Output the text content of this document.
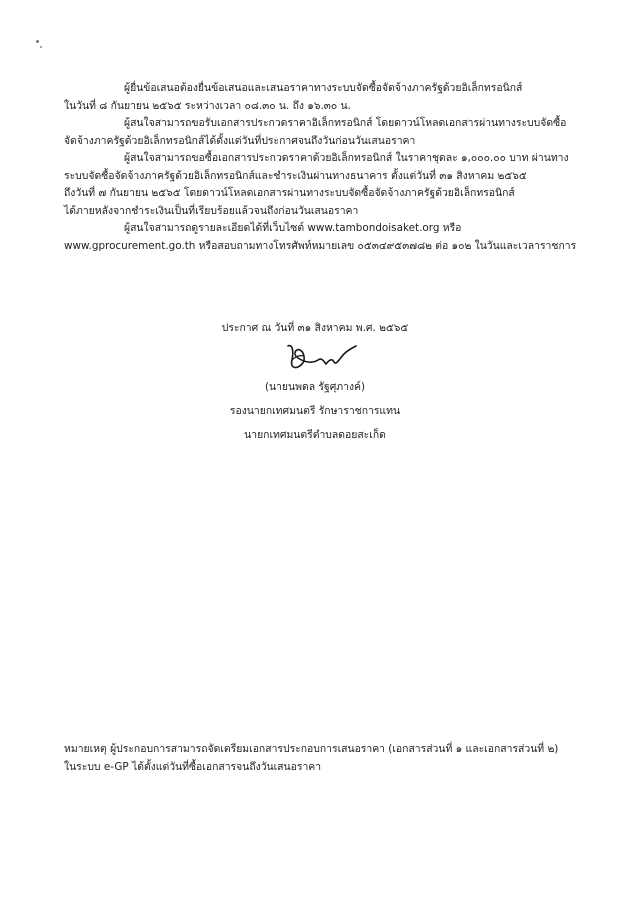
ผู้ยื่นข้อเสนอต้องยื่นข้อเสนอและเสนอราคาทางระบบจัดซื้อจัดจ้างภาครัฐด้วยอิเล็กทรอนิกส์

ในวันที่ ๘ กันยายน ๒๕๖๕ ระหว่างเวลา ๐๘.๓๐ น. ถึง ๑๖.๓๐ น.

ผู้สนใจสามารถขอรับเอกสารประกวดราคาอิเล็กทรอนิกส์ โดยดาวน์โหลดเอกสารผ่านทางระบบจัดซื้อ

จัดจ้างภาครัฐด้วยอิเล็กทรอนิกส์ได้ตั้งแต่วันที่ประกาศจนถึงวันก่อนวันเสนอราคา

ผู้สนใจสามารถขอซื้อเอกสารประกวดราคาด้วยอิเล็กทรอนิกส์ ในราคาชุดละ ๑,๐๐๐.๐๐ บาท ผ่านทาง

ระบบจัดซื้อจัดจ้างภาครัฐด้วยอิเล็กทรอนิกส์และชำระเงินผ่านทางธนาคาร ตั้งแต่วันที่ ๓๑ สิงหาคม ๒๕๖๕

ถึงวันที่ ๗ กันยายน ๒๕๖๕ โดยดาวน์โหลดเอกสารผ่านทางระบบจัดซื้อจัดจ้างภาครัฐด้วยอิเล็กทรอนิกส์

ได้ภายหลังจากชำระเงินเป็นที่เรียบร้อยแล้วจนถึงก่อนวันเสนอราคา

ผู้สนใจสามารถดูรายละเอียดได้ที่เว็บไซต์ www.tambondoisaket.org หรือ

www.gprocurement.go.th หรือสอบถามทางโทรศัพท์หมายเลข ๐๕๓๔๙๕๓๗๘๒ ต่อ ๑๐๒ ในวันและเวลาราชการ

ประกาศ ณ วันที่ ๓๑ สิงหาคม พ.ศ. ๒๕๖๕

(นายนพดล รัฐศุภางค์)

รองนายกเทศมนตรี รักษาราชการแทน

นายกเทศมนตรีตำบลดอยสะเก็ด

หมายเหตุ ผู้ประกอบการสามารถจัดเตรียมเอกสารประกอบการเสนอราคา (เอกสารส่วนที่ ๑ และเอกสารส่วนที่ ๒)

ในระบบ e-GP ได้ตั้งแต่วันที่ซื้อเอกสารจนถึงวันเสนอราคา
